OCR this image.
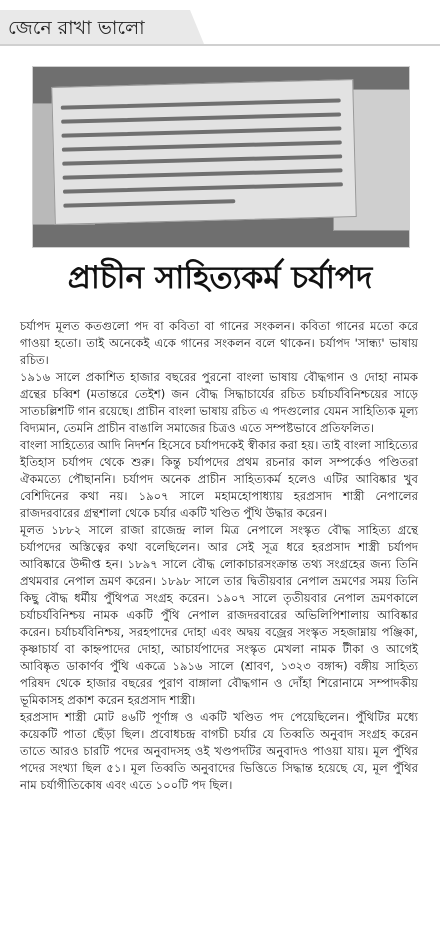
জেনে রাখা ভালো
প্রাচীন সাহিত্যকর্ম চর্যাপদ

চর্যাপদ মূলত কতগুলো পদ বা কবিতা বা গানের সংকলন। কবিতা গানের মতো করে গাওয়া হতো। তাই অনেকেই একে গানের সংকলন বলে থাকেন। চর্যাপদ 'সান্ধ্য' ভাষায় রচিত।

১৯১৬ সালে প্রকাশিত হাজার বছরের পুরনো বাংলা ভাষায় বৌদ্ধগান ও দোহা নামক গ্রন্থের চব্বিশ (মতান্তরে তেইশ) জন বৌদ্ধ সিদ্ধাচার্যের রচিত চর্যাচর্যবিনিশ্চয়ের সাড়ে সাতচল্লিশটি গান রয়েছে। প্রাচীন বাংলা ভাষায় রচিত এ পদগুলোর যেমন সাহিত্যিক মূল্য বিদ্যমান, তেমনি প্রাচীন বাঙালি সমাজের চিত্রও এতে সম্পষ্টভাবে প্রতিফলিত।

বাংলা সাহিত্যের আদি নিদর্শন হিসেবে চর্যাপদকেই স্বীকার করা হয়। তাই বাংলা সাহিত্যের ইতিহাস চর্যাপদ থেকে শুরু। কিন্তু চর্যাপদের প্রথম রচনার কাল সম্পর্কেও পণ্ডিতরা ঐকমত্যে পৌছাননি। চর্যাপদ অনেক প্রাচীন সাহিত্যকর্ম হলেও এটির আবিষ্কার খুব বেশিদিনের কথা নয়। ১৯০৭ সালে মহামহোপাধ্যায় হরপ্রসাদ শাস্ত্রী নেপালের রাজদরবারের গ্রন্থশালা থেকে চর্যার একটি খণ্ডিত পুঁথি উদ্ধার করেন।

মূলত ১৮৮২ সালে রাজা রাজেন্দ্র লাল মিত্র নেপালে সংস্কৃত বৌদ্ধ সাহিত্য গ্রন্থে চর্যাপদের অস্তিত্বের কথা বলেছিলেন। আর সেই সূত্র ধরে হরপ্রসাদ শাস্ত্রী চর্যাপদ আবিষ্কারে উদ্দীপ্ত হন। ১৮৯৭ সালে বৌদ্ধ লোকাচারসংক্রান্ত তথ্য সংগ্রহের জন্য তিনি প্রথমবার নেপাল ভ্রমণ করেন। ১৮৯৮ সালে তার দ্বিতীয়বার নেপাল ভ্রমণের সময় তিনি কিছু বৌদ্ধ ধর্মীয় পুঁথিপত্র সংগ্রহ করেন। ১৯০৭ সালে তৃতীয়বার নেপাল ভ্রমণকালে চর্যাচর্যবিনিশ্চয় নামক একটি পুঁথি নেপাল রাজদরবারের অভিলিপিশালায় আবিষ্কার করেন। চর্যাচর্যবিনিশ্চয়, সরহপাদের দোহা এবং অদ্বয় বজ্রের সংস্কৃত সহজাম্নায় পঞ্জিকা, কৃষ্ণাচার্য বা কাহ্নপাদের দোহা, আচার্যপাদের সংস্কৃত মেখলা নামক টীকা ও আগেই আবিষ্কৃত ডাকার্ণব পুঁথি একত্রে ১৯১৬ সালে (শ্রাবণ, ১৩২৩ বঙ্গাব্দ) বঙ্গীয় সাহিত্য পরিষদ থেকে হাজার বছরের পুরাণ বাঙ্গালা বৌদ্ধগান ও দোঁহা শিরোনামে সম্পাদকীয় ভূমিকাসহ প্রকাশ করেন হরপ্রসাদ শাস্ত্রী।

হরপ্রসাদ শাস্ত্রী মোট ৪৬টি পূর্ণাঙ্গ ও একটি খণ্ডিত পদ পেয়েছিলেন। পুঁথিটির মধ্যে কয়েকটি পাতা ছেঁড়া ছিল। প্রবোধচন্দ্র বাগচী চর্যার যে তিব্বতি অনুবাদ সংগ্রহ করেন তাতে আরও চারটি পদের অনুবাদসহ ওই খণ্ডপদটির অনুবাদও পাওয়া যায়। মূল পুঁথির পদের সংখ্যা ছিল ৫১। মূল তিব্বতি অনুবাদের ভিত্তিতে সিদ্ধান্ত হয়েছে যে, মূল পুঁথির নাম চর্যাগীতিকোষ এবং এতে ১০০টি পদ ছিল।
